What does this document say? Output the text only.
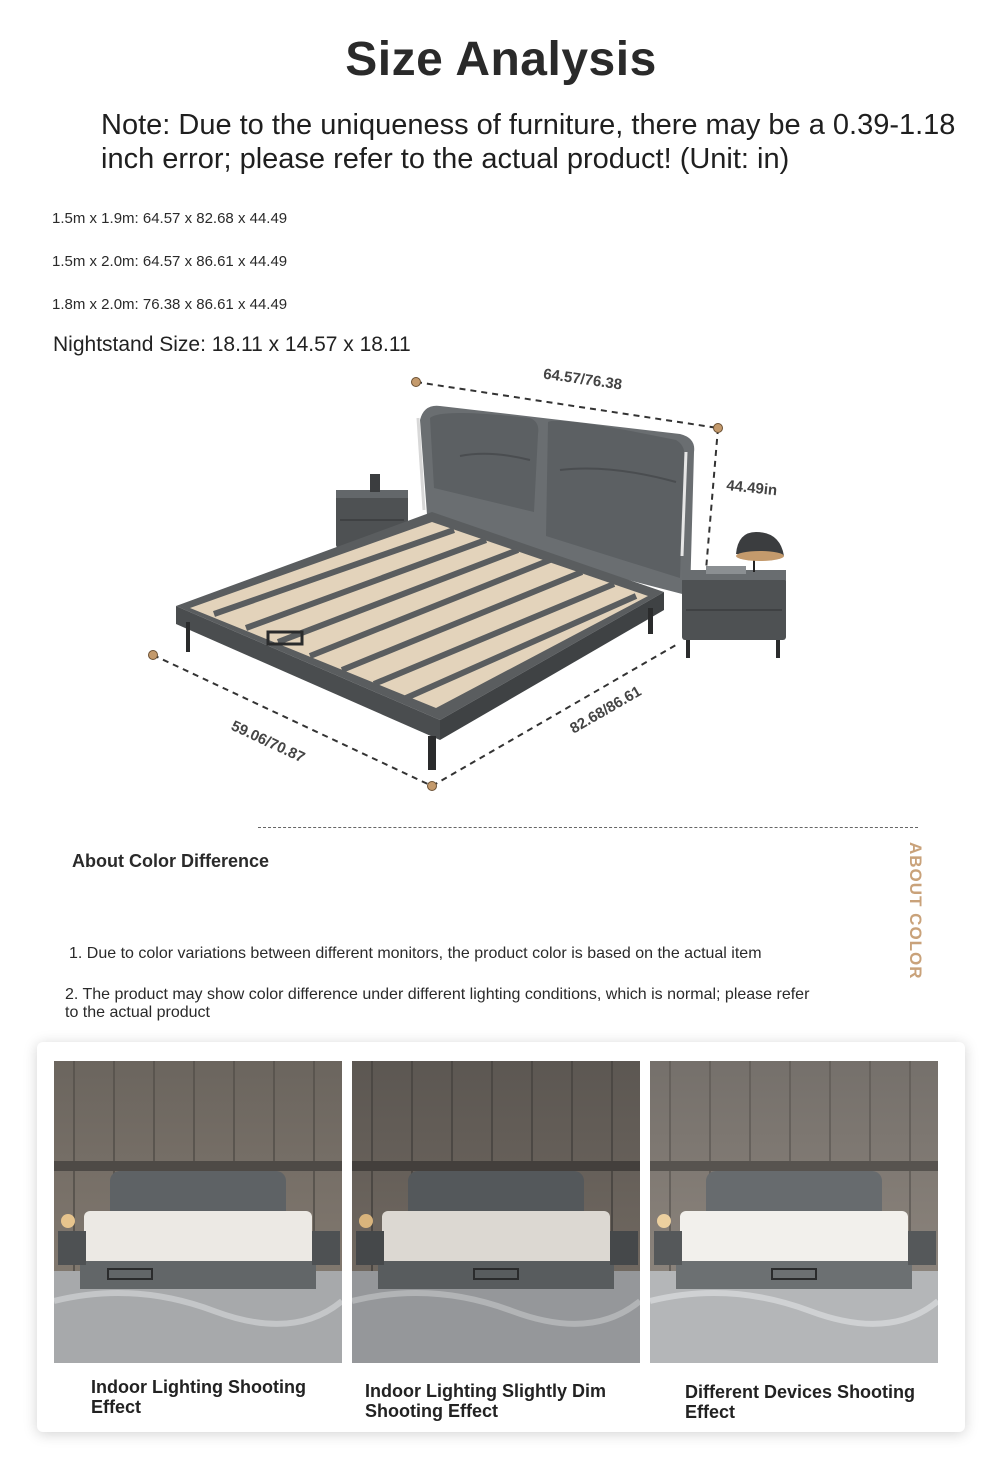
Size Analysis
Note: Due to the uniqueness of furniture, there may be a 0.39-1.18 inch error; please refer to the actual product! (Unit: in)
1.5m x 1.9m: 64.57 x 82.68 x 44.49
1.5m x 2.0m: 64.57 x 86.61 x 44.49
1.8m x 2.0m: 76.38 x 86.61 x 44.49
Nightstand Size: 18.11 x 14.57 x 18.11
64.57/76.38
44.49in
59.06/70.87
82.68/86.61
About Color Difference	ABOUT COLOR
1. Due to color variations between different monitors, the product color is based on the actual item
2. The product may show color difference under different lighting conditions, which is normal; please refer to the actual product
Indoor Lighting Shooting Effect
Indoor Lighting Slightly Dim Shooting Effect
Different Devices Shooting Effect
